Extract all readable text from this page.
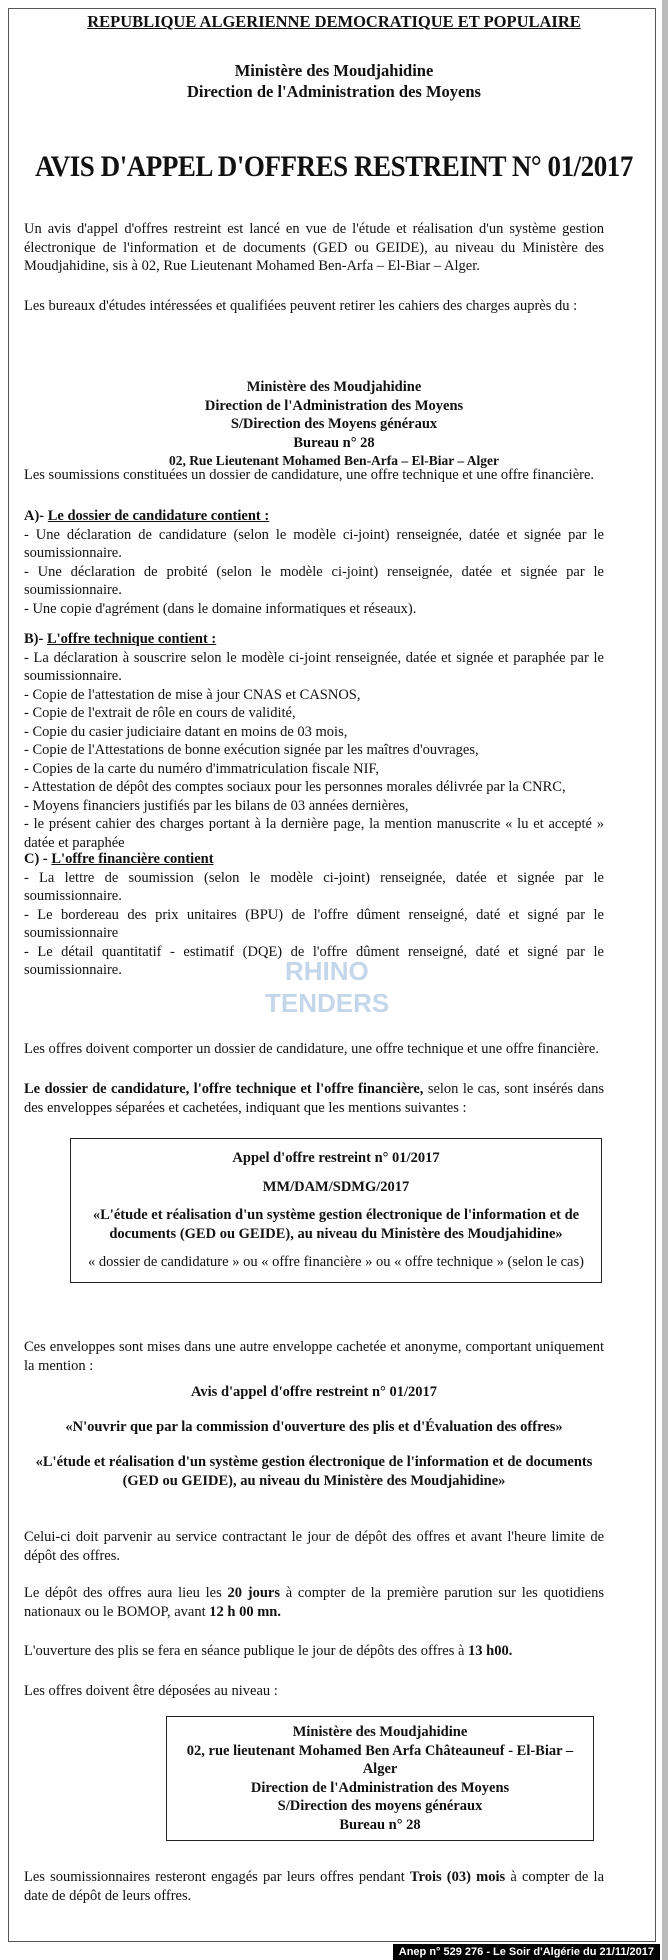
REPUBLIQUE ALGERIENNE DEMOCRATIQUE ET POPULAIRE
Ministère des Moudjahidine
Direction de l'Administration des Moyens
AVIS D'APPEL D'OFFRES RESTREINT N° 01/2017
Un avis d'appel d'offres restreint est lancé en vue de l'étude et réalisation d'un système gestion électronique de l'information et de documents (GED ou GEIDE), au niveau du Ministère des Moudjahidine, sis à 02, Rue Lieutenant Mohamed Ben-Arfa – El-Biar – Alger.
Les bureaux d'études intéressées et qualifiées peuvent retirer les cahiers des charges auprès du :
Ministère des Moudjahidine
Direction de l'Administration des Moyens
S/Direction des Moyens généraux
Bureau n° 28
02, Rue Lieutenant Mohamed Ben-Arfa – El-Biar – Alger
Les soumissions constituées un dossier de candidature, une offre technique et une offre financière.

A)- Le dossier de candidature contient :

- Une déclaration de candidature (selon le modèle ci-joint) renseignée, datée et signée par le soumissionnaire.

- Une déclaration de probité (selon le modèle ci-joint) renseignée, datée et signée par le soumissionnaire.

- Une copie d'agrément (dans le domaine informatiques et réseaux).

B)- L'offre technique contient :

- La déclaration à souscrire selon le modèle ci-joint renseignée, datée et signée et paraphée par le soumissionnaire.

- Copie de l'attestation de mise à jour CNAS et CASNOS,

- Copie de l'extrait de rôle en cours de validité,

- Copie du casier judiciaire datant en moins de 03 mois,

- Copie de l'Attestations de bonne exécution signée par les maîtres d'ouvrages,

- Copies de la carte du numéro d'immatriculation fiscale NIF,

- Attestation de dépôt des comptes sociaux pour les personnes morales délivrée par la CNRC,

- Moyens financiers justifiés par les bilans de 03 années dernières,

- le présent cahier des charges portant à la dernière page, la mention manuscrite « lu et accepté » datée et paraphée

C) - L'offre financière contient

- La lettre de soumission (selon le modèle ci-joint) renseignée, datée et signée par le soumissionnaire.

- Le bordereau des prix unitaires (BPU) de l'offre dûment renseigné, daté et signé par le soumissionnaire

- Le détail quantitatif - estimatif (DQE) de l'offre dûment renseigné, daté et signé par le soumissionnaire.	RHINO
TENDERS
Les offres doivent comporter un dossier de candidature, une offre technique et une offre financière.
Le dossier de candidature, l'offre technique et l'offre financière, selon le cas, sont insérés dans des enveloppes séparées et cachetées, indiquant que les mentions suivantes :

Appel d'offre restreint n° 01/2017

MM/DAM/SDMG/2017

«L'étude et réalisation d'un système gestion électronique de l'information et de documents (GED ou GEIDE), au niveau du Ministère des Moudjahidine»

« dossier de candidature » ou « offre financière » ou « offre technique » (selon le cas)

Ces enveloppes sont mises dans une autre enveloppe cachetée et anonyme, comportant uniquement la mention :
Avis d'appel d'offre restreint n° 01/2017
«N'ouvrir que par la commission d'ouverture des plis et d'Évaluation des offres»
«L'étude et réalisation d'un système gestion électronique de l'information et de documents (GED ou GEIDE), au niveau du Ministère des Moudjahidine»
Celui-ci doit parvenir au service contractant le jour de dépôt des offres et avant l'heure limite de dépôt des offres.
Le dépôt des offres aura lieu les 20 jours à compter de la première parution sur les quotidiens nationaux ou le BOMOP, avant 12 h 00 mn.
L'ouverture des plis se fera en séance publique le jour de dépôts des offres à 13 h00.
Les offres doivent être déposées au niveau :
Ministère des Moudjahidine
02, rue lieutenant Mohamed Ben Arfa Châteauneuf - El-Biar – Alger
Direction de l'Administration des Moyens
S/Direction des moyens généraux
Bureau n° 28
Les soumissionnaires resteront engagés par leurs offres pendant Trois (03) mois à compter de la date de dépôt de leurs offres.
Anep n° 529 276 - Le Soir d'Algérie du 21/11/2017
